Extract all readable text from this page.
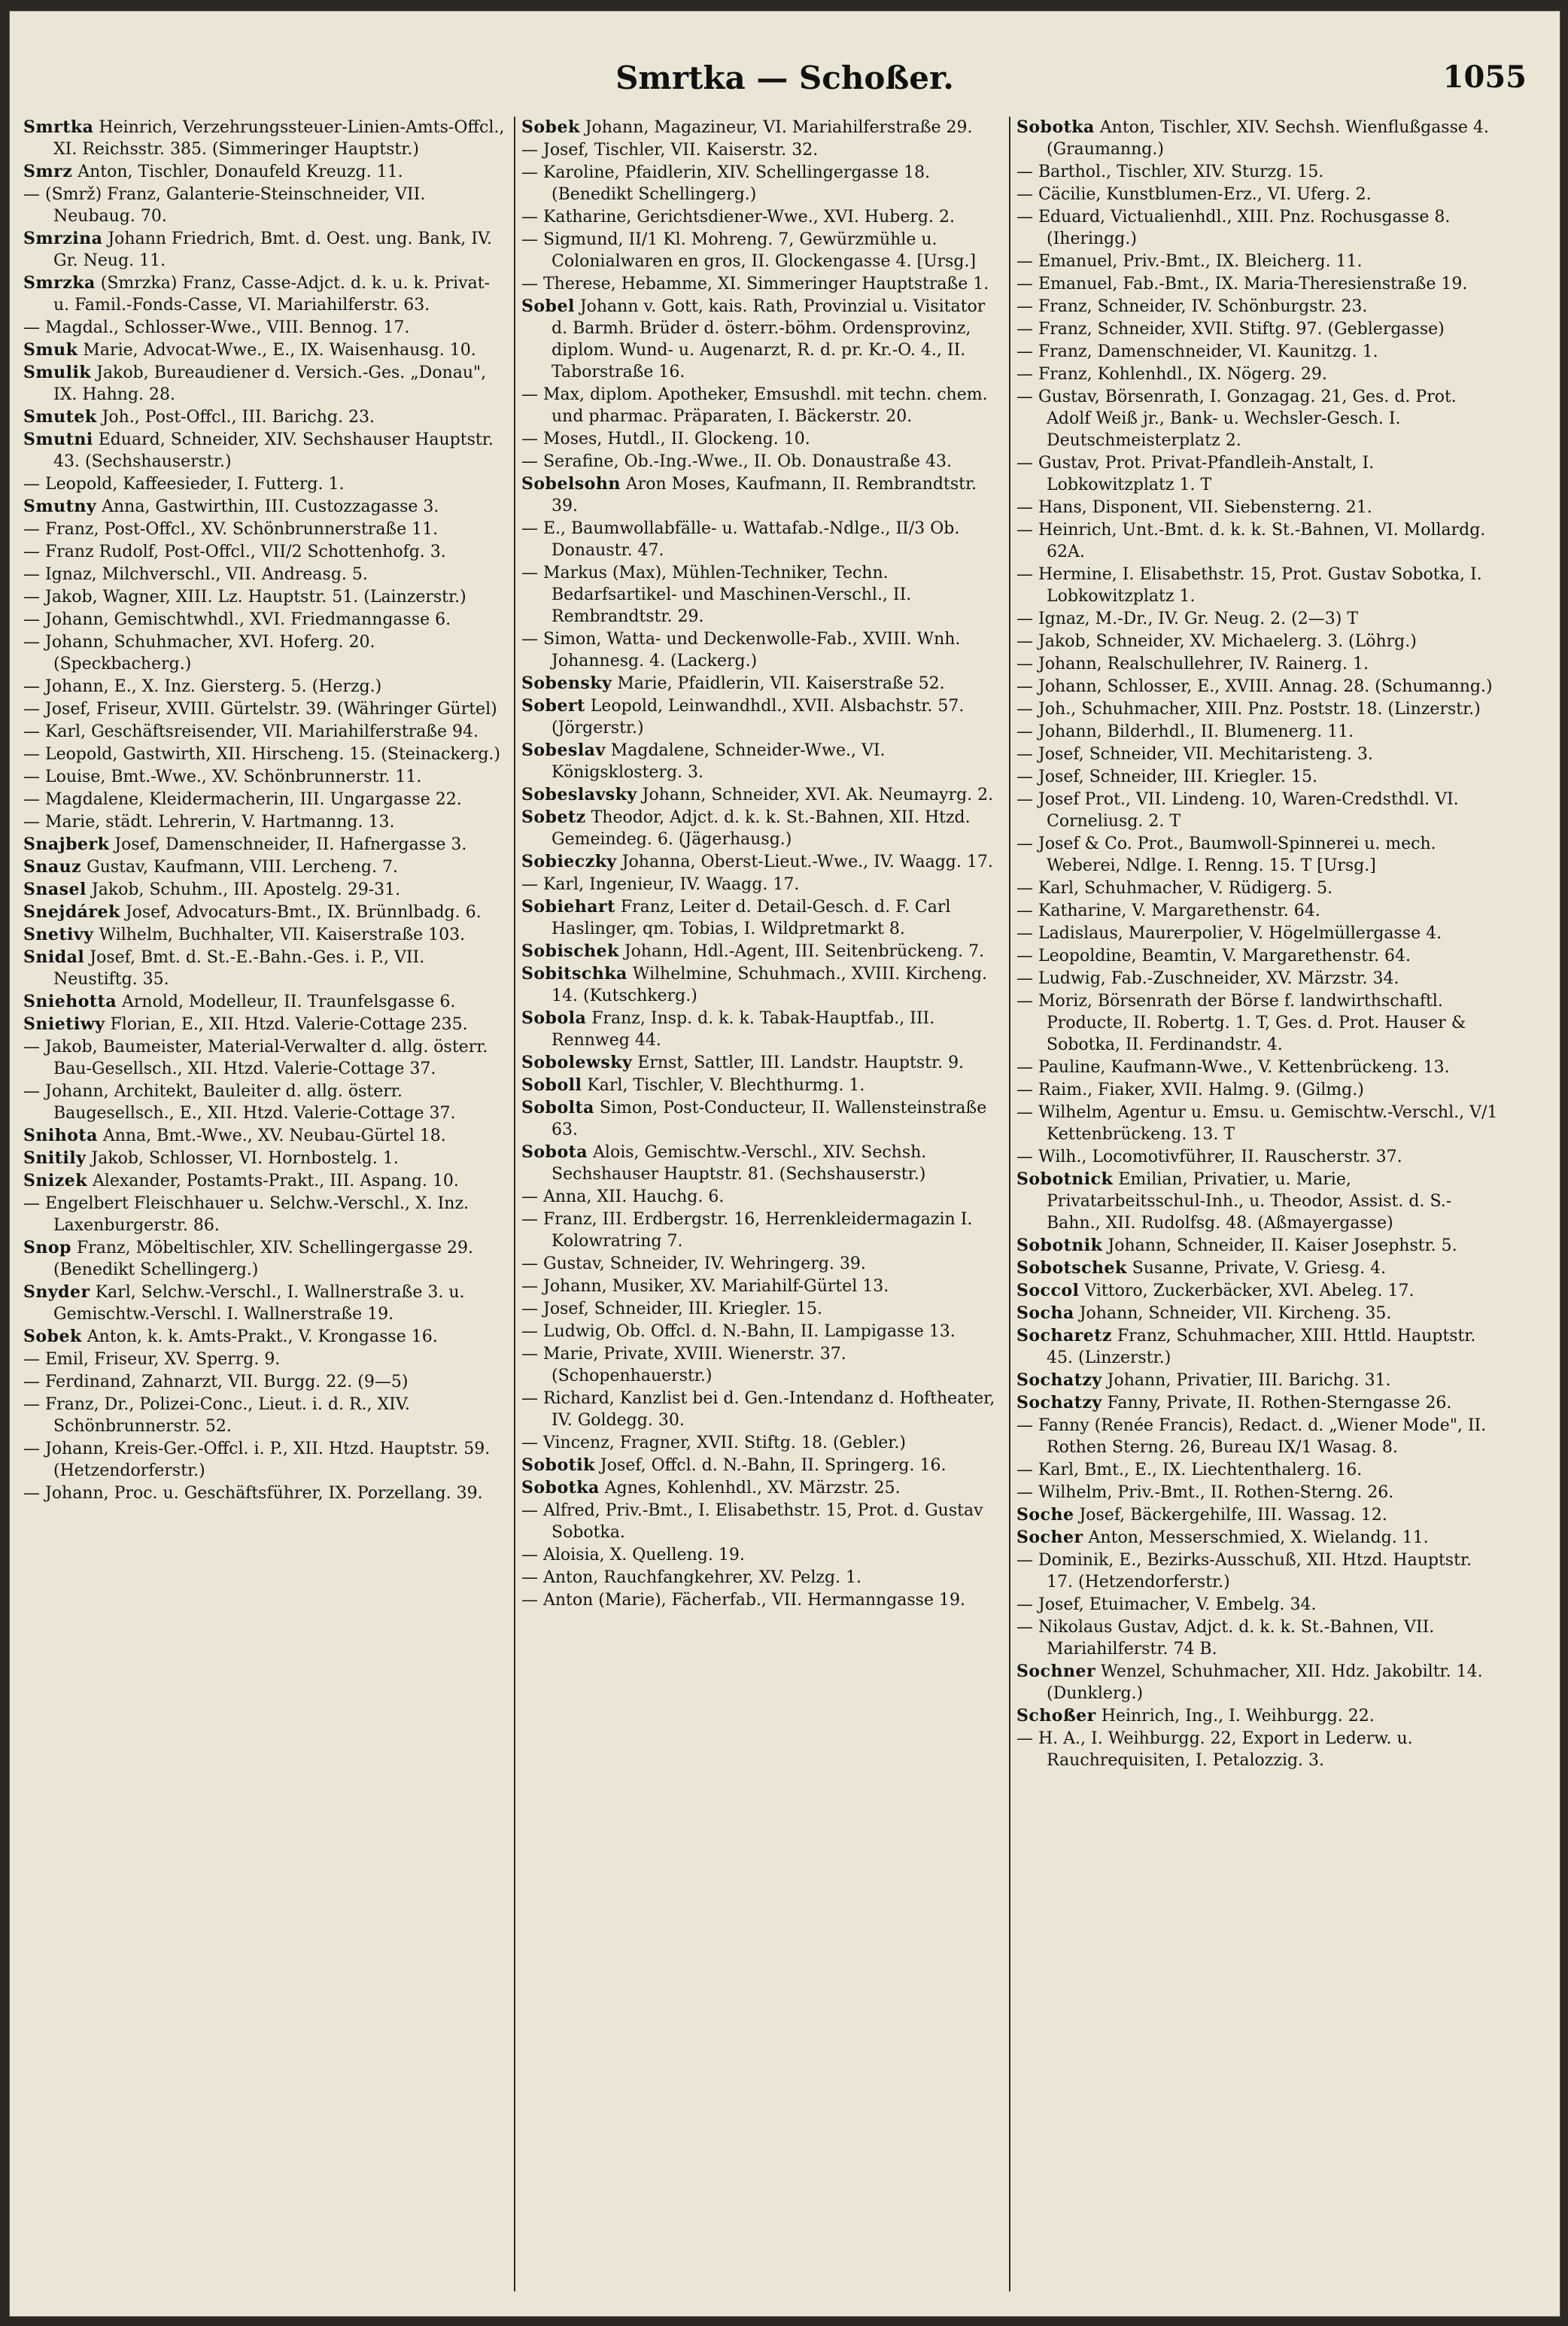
Smrtka — Schoßer.	1055
Smrtka Heinrich, Verzehrungssteuer-Linien-Amts-Offcl., XI. Reichsstr. 385. (Simmeringer Hauptstr.)
Smrz Anton, Tischler, Donaufeld Kreuzg. 11.
— (Smrž) Franz, Galanterie-Steinschneider, VII. Neubaug. 70.
Smrzina Johann Friedrich, Bmt. d. Oest. ung. Bank, IV. Gr. Neug. 11.
Smrzka (Smrzka) Franz, Casse-Adjct. d. k. u. k. Privat- u. Famil.-Fonds-Casse, VI. Mariahilferstr. 63.
— Magdal., Schlosser-Wwe., VIII. Bennog. 17.
Smuk Marie, Advocat-Wwe., E., IX. Waisenhausg. 10.
Smulik Jakob, Bureaudiener d. Versich.-Ges. „Donau", IX. Hahng. 28.
Smutek Joh., Post-Offcl., III. Barichg. 23.
Smutni Eduard, Schneider, XIV. Sechshauser Hauptstr. 43. (Sechshauserstr.)
— Leopold, Kaffeesieder, I. Futterg. 1.
Smutny Anna, Gastwirthin, III. Custozzagasse 3.
— Franz, Post-Offcl., XV. Schönbrunnerstraße 11.
— Franz Rudolf, Post-Offcl., VII/2 Schottenhofg. 3.
— Ignaz, Milchverschl., VII. Andreasg. 5.
— Jakob, Wagner, XIII. Lz. Hauptstr. 51. (Lainzerstr.)
— Johann, Gemischtwhdl., XVI. Friedmanngasse 6.
— Johann, Schuhmacher, XVI. Hoferg. 20. (Speckbacherg.)
— Johann, E., X. Inz. Giersterg. 5. (Herzg.)
— Josef, Friseur, XVIII. Gürtelstr. 39. (Währinger Gürtel)
— Karl, Geschäftsreisender, VII. Mariahilferstraße 94.
— Leopold, Gastwirth, XII. Hirscheng. 15. (Steinackerg.)
— Louise, Bmt.-Wwe., XV. Schönbrunnerstr. 11.
— Magdalene, Kleidermacherin, III. Ungargasse 22.
— Marie, städt. Lehrerin, V. Hartmanng. 13.
Snajberk Josef, Damenschneider, II. Hafnergasse 3.
Snauz Gustav, Kaufmann, VIII. Lercheng. 7.
Snasel Jakob, Schuhm., III. Apostelg. 29-31.
Snejdárek Josef, Advocaturs-Bmt., IX. Brünnlbadg. 6.
Snetivy Wilhelm, Buchhalter, VII. Kaiserstraße 103.
Snidal Josef, Bmt. d. St.-E.-Bahn.-Ges. i. P., VII. Neustiftg. 35.
Sniehotta Arnold, Modelleur, II. Traunfelsgasse 6.
Snietiwy Florian, E., XII. Htzd. Valerie-Cottage 235.
— Jakob, Baumeister, Material-Verwalter d. allg. österr. Bau-Gesellsch., XII. Htzd. Valerie-Cottage 37.
— Johann, Architekt, Bauleiter d. allg. österr. Baugesellsch., E., XII. Htzd. Valerie-Cottage 37.
Snihota Anna, Bmt.-Wwe., XV. Neubau-Gürtel 18.
Snitily Jakob, Schlosser, VI. Hornbostelg. 1.
Snizek Alexander, Postamts-Prakt., III. Aspang. 10.
— Engelbert Fleischhauer u. Selchw.-Verschl., X. Inz. Laxenburgerstr. 86.
Snop Franz, Möbeltischler, XIV. Schellingergasse 29. (Benedikt Schellingerg.)
Snyder Karl, Selchw.-Verschl., I. Wallnerstraße 3. u. Gemischtw.-Verschl. I. Wallnerstraße 19.
Sobek Anton, k. k. Amts-Prakt., V. Krongasse 16.
— Emil, Friseur, XV. Sperrg. 9.
— Ferdinand, Zahnarzt, VII. Burgg. 22. (9—5)
— Franz, Dr., Polizei-Conc., Lieut. i. d. R., XIV. Schönbrunnerstr. 52.
— Johann, Kreis-Ger.-Offcl. i. P., XII. Htzd. Hauptstr. 59. (Hetzendorferstr.)
— Johann, Proc. u. Geschäftsführer, IX. Porzellang. 39.
Sobek Johann, Magazineur, VI. Mariahilferstraße 29.
— Josef, Tischler, VII. Kaiserstr. 32.
— Karoline, Pfaidlerin, XIV. Schellingergasse 18. (Benedikt Schellingerg.)
— Katharine, Gerichtsdiener-Wwe., XVI. Huberg. 2.
— Sigmund, II/1 Kl. Mohreng. 7, Gewürzmühle u. Colonialwaren en gros, II. Glockengasse 4. [Ursg.]
— Therese, Hebamme, XI. Simmeringer Hauptstraße 1.
Sobel Johann v. Gott, kais. Rath, Provinzial u. Visitator d. Barmh. Brüder d. österr.-böhm. Ordensprovinz, diplom. Wund- u. Augenarzt, R. d. pr. Kr.-O. 4., II. Taborstraße 16.
— Max, diplom. Apotheker, Emsushdl. mit techn. chem. und pharmac. Präparaten, I. Bäckerstr. 20.
— Moses, Hutdl., II. Glockeng. 10.
— Serafine, Ob.-Ing.-Wwe., II. Ob. Donaustraße 43.
Sobelsohn Aron Moses, Kaufmann, II. Rembrandtstr. 39.
— E., Baumwollabfälle- u. Wattafab.-Ndlge., II/3 Ob. Donaustr. 47.
— Markus (Max), Mühlen-Techniker, Techn. Bedarfsartikel- und Maschinen-Verschl., II. Rembrandtstr. 29.
— Simon, Watta- und Deckenwolle-Fab., XVIII. Wnh. Johannesg. 4. (Lackerg.)
Sobensky Marie, Pfaidlerin, VII. Kaiserstraße 52.
Sobert Leopold, Leinwandhdl., XVII. Alsbachstr. 57. (Jörgerstr.)
Sobeslav Magdalene, Schneider-Wwe., VI. Königsklosterg. 3.
Sobeslavsky Johann, Schneider, XVI. Ak. Neumayrg. 2.
Sobetz Theodor, Adjct. d. k. k. St.-Bahnen, XII. Htzd. Gemeindeg. 6. (Jägerhausg.)
Sobieczky Johanna, Oberst-Lieut.-Wwe., IV. Waagg. 17.
— Karl, Ingenieur, IV. Waagg. 17.
Sobiehart Franz, Leiter d. Detail-Gesch. d. F. Carl Haslinger, qm. Tobias, I. Wildpretmarkt 8.
Sobischek Johann, Hdl.-Agent, III. Seitenbrückeng. 7.
Sobitschka Wilhelmine, Schuhmach., XVIII. Kircheng. 14. (Kutschkerg.)
Sobola Franz, Insp. d. k. k. Tabak-Hauptfab., III. Rennweg 44.
Sobolewsky Ernst, Sattler, III. Landstr. Hauptstr. 9.
Soboll Karl, Tischler, V. Blechthurmg. 1.
Sobolta Simon, Post-Conducteur, II. Wallensteinstraße 63.
Sobota Alois, Gemischtw.-Verschl., XIV. Sechsh. Sechshauser Hauptstr. 81. (Sechshauserstr.)
— Anna, XII. Hauchg. 6.
— Franz, III. Erdbergstr. 16, Herrenkleidermagazin I. Kolowratring 7.
— Gustav, Schneider, IV. Wehringerg. 39.
— Johann, Musiker, XV. Mariahilf-Gürtel 13.
— Josef, Schneider, III. Kriegler. 15.
— Ludwig, Ob. Offcl. d. N.-Bahn, II. Lampigasse 13.
— Marie, Private, XVIII. Wienerstr. 37. (Schopenhauerstr.)
— Richard, Kanzlist bei d. Gen.-Intendanz d. Hoftheater, IV. Goldegg. 30.
— Vincenz, Fragner, XVII. Stiftg. 18. (Gebler.)
Sobotik Josef, Offcl. d. N.-Bahn, II. Springerg. 16.
Sobotka Agnes, Kohlenhdl., XV. Märzstr. 25.
— Alfred, Priv.-Bmt., I. Elisabethstr. 15, Prot. d. Gustav Sobotka.
— Aloisia, X. Quelleng. 19.
— Anton, Rauchfangkehrer, XV. Pelzg. 1.
— Anton (Marie), Fächerfab., VII. Hermanngasse 19.
Sobotka Anton, Tischler, XIV. Sechsh. Wienflußgasse 4. (Graumanng.)
— Barthol., Tischler, XIV. Sturzg. 15.
— Cäcilie, Kunstblumen-Erz., VI. Uferg. 2.
— Eduard, Victualienhdl., XIII. Pnz. Rochusgasse 8. (Iheringg.)
— Emanuel, Priv.-Bmt., IX. Bleicherg. 11.
— Emanuel, Fab.-Bmt., IX. Maria-Theresienstraße 19.
— Franz, Schneider, IV. Schönburgstr. 23.
— Franz, Schneider, XVII. Stiftg. 97. (Geblergasse)
— Franz, Damenschneider, VI. Kaunitzg. 1.
— Franz, Kohlenhdl., IX. Nögerg. 29.
— Gustav, Börsenrath, I. Gonzagag. 21, Ges. d. Prot. Adolf Weiß jr., Bank- u. Wechsler-Gesch. I. Deutschmeisterplatz 2.
— Gustav, Prot. Privat-Pfandleih-Anstalt, I. Lobkowitzplatz 1. T
— Hans, Disponent, VII. Siebensterng. 21.
— Heinrich, Unt.-Bmt. d. k. k. St.-Bahnen, VI. Mollardg. 62A.
— Hermine, I. Elisabethstr. 15, Prot. Gustav Sobotka, I. Lobkowitzplatz 1.
— Ignaz, M.-Dr., IV. Gr. Neug. 2. (2—3) T
— Jakob, Schneider, XV. Michaelerg. 3. (Löhrg.)
— Johann, Realschullehrer, IV. Rainerg. 1.
— Johann, Schlosser, E., XVIII. Annag. 28. (Schumanng.)
— Joh., Schuhmacher, XIII. Pnz. Poststr. 18. (Linzerstr.)
— Johann, Bilderhdl., II. Blumenerg. 11.
— Josef, Schneider, VII. Mechitaristeng. 3.
— Josef, Schneider, III. Kriegler. 15.
— Josef Prot., VII. Lindeng. 10, Waren-Credsthdl. VI. Corneliusg. 2. T
— Josef & Co. Prot., Baumwoll-Spinnerei u. mech. Weberei, Ndlge. I. Renng. 15. T [Ursg.]
— Karl, Schuhmacher, V. Rüdigerg. 5.
— Katharine, V. Margarethenstr. 64.
— Ladislaus, Maurerpolier, V. Högelmüllergasse 4.
— Leopoldine, Beamtin, V. Margarethenstr. 64.
— Ludwig, Fab.-Zuschneider, XV. Märzstr. 34.
— Moriz, Börsenrath der Börse f. landwirthschaftl. Producte, II. Robertg. 1. T, Ges. d. Prot. Hauser & Sobotka, II. Ferdinandstr. 4.
— Pauline, Kaufmann-Wwe., V. Kettenbrückeng. 13.
— Raim., Fiaker, XVII. Halmg. 9. (Gilmg.)
— Wilhelm, Agentur u. Emsu. u. Gemischtw.-Verschl., V/1 Kettenbrückeng. 13. T
— Wilh., Locomotivführer, II. Rauscherstr. 37.
Sobotnick Emilian, Privatier, u. Marie, Privatarbeitsschul-Inh., u. Theodor, Assist. d. S.-Bahn., XII. Rudolfsg. 48. (Aßmayergasse)
Sobotnik Johann, Schneider, II. Kaiser Josephstr. 5.
Sobotschek Susanne, Private, V. Griesg. 4.
Soccol Vittoro, Zuckerbäcker, XVI. Abeleg. 17.
Socha Johann, Schneider, VII. Kircheng. 35.
Socharetz Franz, Schuhmacher, XIII. Httld. Hauptstr. 45. (Linzerstr.)
Sochatzy Johann, Privatier, III. Barichg. 31.
Sochatzy Fanny, Private, II. Rothen-Sterngasse 26.
— Fanny (Renée Francis), Redact. d. „Wiener Mode", II. Rothen Sterng. 26, Bureau IX/1 Wasag. 8.
— Karl, Bmt., E., IX. Liechtenthalerg. 16.
— Wilhelm, Priv.-Bmt., II. Rothen-Sterng. 26.
Soche Josef, Bäckergehilfe, III. Wassag. 12.
Socher Anton, Messerschmied, X. Wielandg. 11.
— Dominik, E., Bezirks-Ausschuß, XII. Htzd. Hauptstr. 17. (Hetzendorferstr.)
— Josef, Etuimacher, V. Embelg. 34.
— Nikolaus Gustav, Adjct. d. k. k. St.-Bahnen, VII. Mariahilferstr. 74 B.
Sochner Wenzel, Schuhmacher, XII. Hdz. Jakobiltr. 14. (Dunklerg.)
Schoßer Heinrich, Ing., I. Weihburgg. 22.
— H. A., I. Weihburgg. 22, Export in Lederw. u. Rauchrequisiten, I. Petalozzig. 3.
